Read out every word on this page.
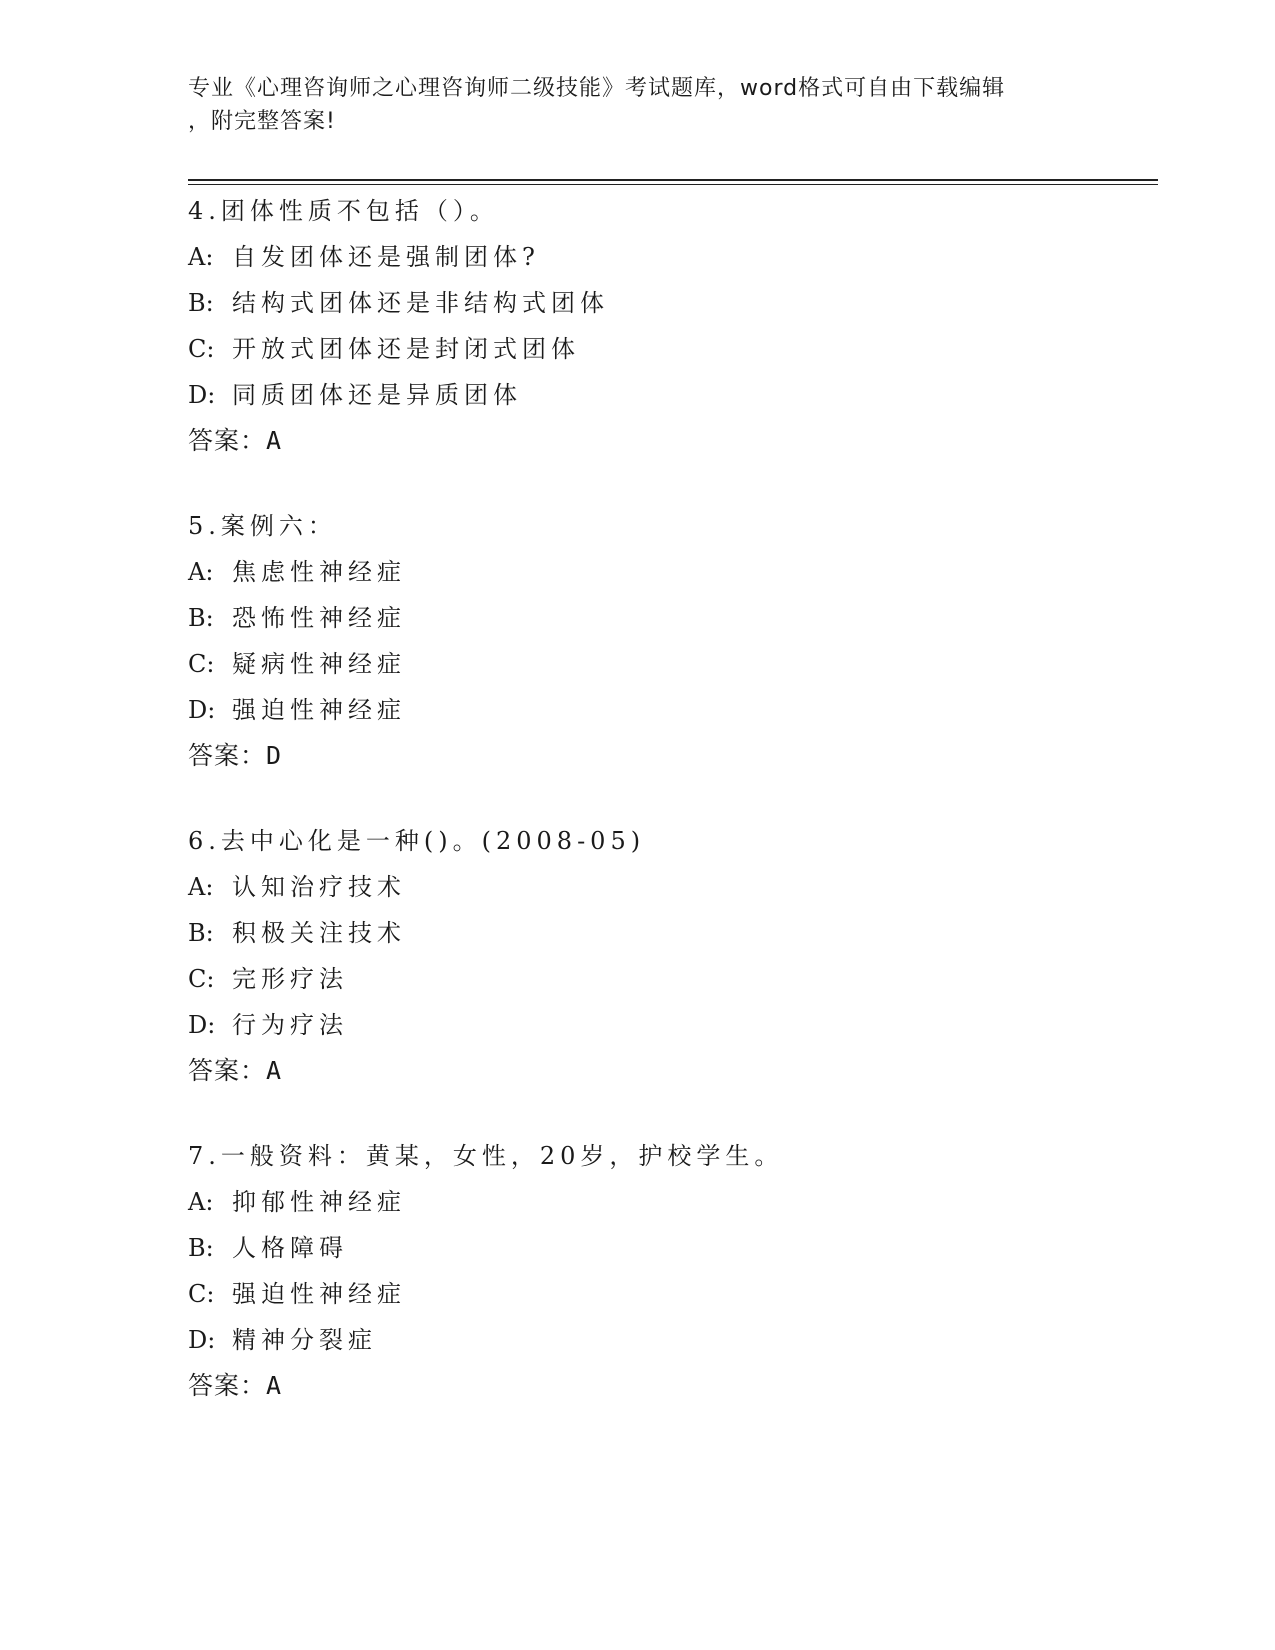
专业《心理咨询师之心理咨询师二级技能》考试题库，word格式可自由下载编辑
，附完整答案!
4.团体性质不包括（）。
A: 自发团体还是强制团体?
B: 结构式团体还是非结构式团体
C: 开放式团体还是封闭式团体
D: 同质团体还是异质团体
答案：A
5.案例六：
A: 焦虑性神经症
B: 恐怖性神经症
C: 疑病性神经症
D: 强迫性神经症
答案：D
6.去中心化是一种()。(2008-05)
A: 认知治疗技术
B: 积极关注技术
C: 完形疗法
D: 行为疗法
答案：A
7.一般资料：黄某，女性，20岁，护校学生。
A: 抑郁性神经症
B: 人格障碍
C: 强迫性神经症
D: 精神分裂症
答案：A
